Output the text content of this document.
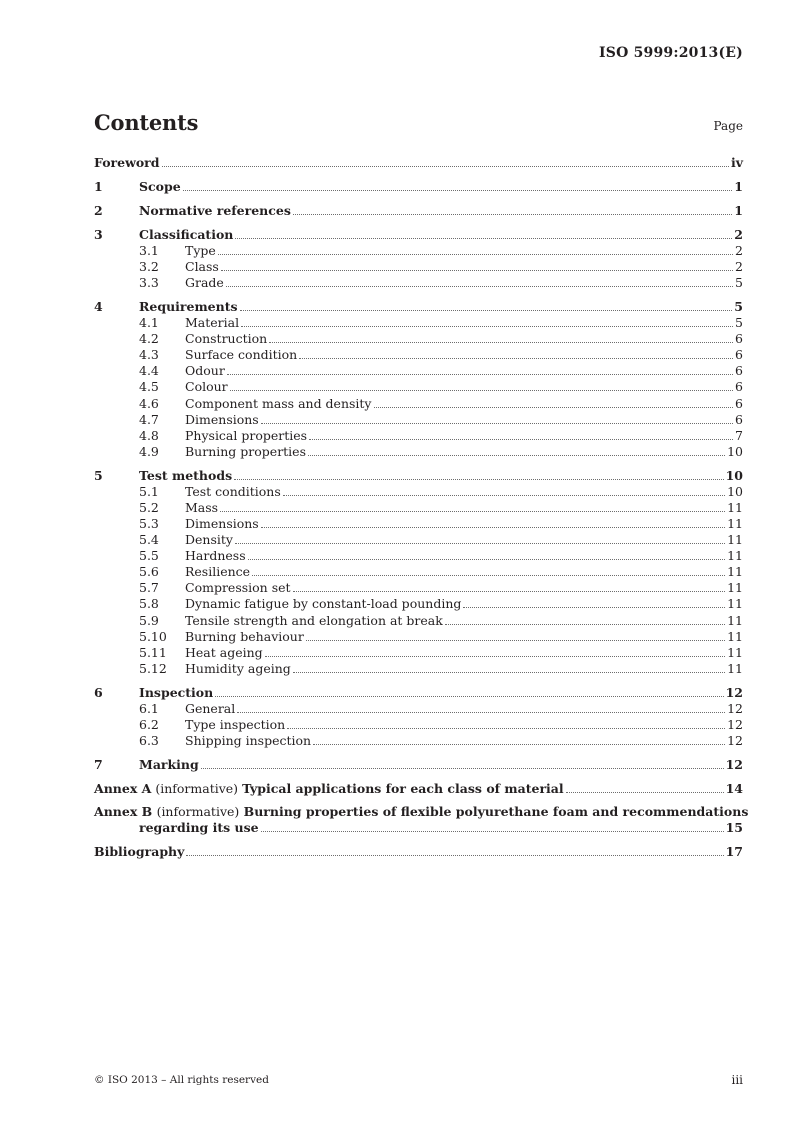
ISO 5999:2013(E)
Contents	Page
Foreword	iv
1	Scope	1
2	Normative references	1
3	Classification	2
3.1	Type	2
3.2	Class	2
3.3	Grade	5
4	Requirements	5
4.1	Material	5
4.2	Construction	6
4.3	Surface condition	6
4.4	Odour	6
4.5	Colour	6
4.6	Component mass and density	6
4.7	Dimensions	6
4.8	Physical properties	7
4.9	Burning properties	10
5	Test methods	10
5.1	Test conditions	10
5.2	Mass	11
5.3	Dimensions	11
5.4	Density	11
5.5	Hardness	11
5.6	Resilience	11
5.7	Compression set	11
5.8	Dynamic fatigue by constant-load pounding	11
5.9	Tensile strength and elongation at break	11
5.10	Burning behaviour	11
5.11	Heat ageing	11
5.12	Humidity ageing	11
6	Inspection	12
6.1	General	12
6.2	Type inspection	12
6.3	Shipping inspection	12
7	Marking	12
Annex A (informative) Typical applications for each class of material	14
Annex B (informative) Burning properties of flexible polyurethane foam and recommendations
regarding its use	15
Bibliography	17
© ISO 2013 – All rights reserved	iii
